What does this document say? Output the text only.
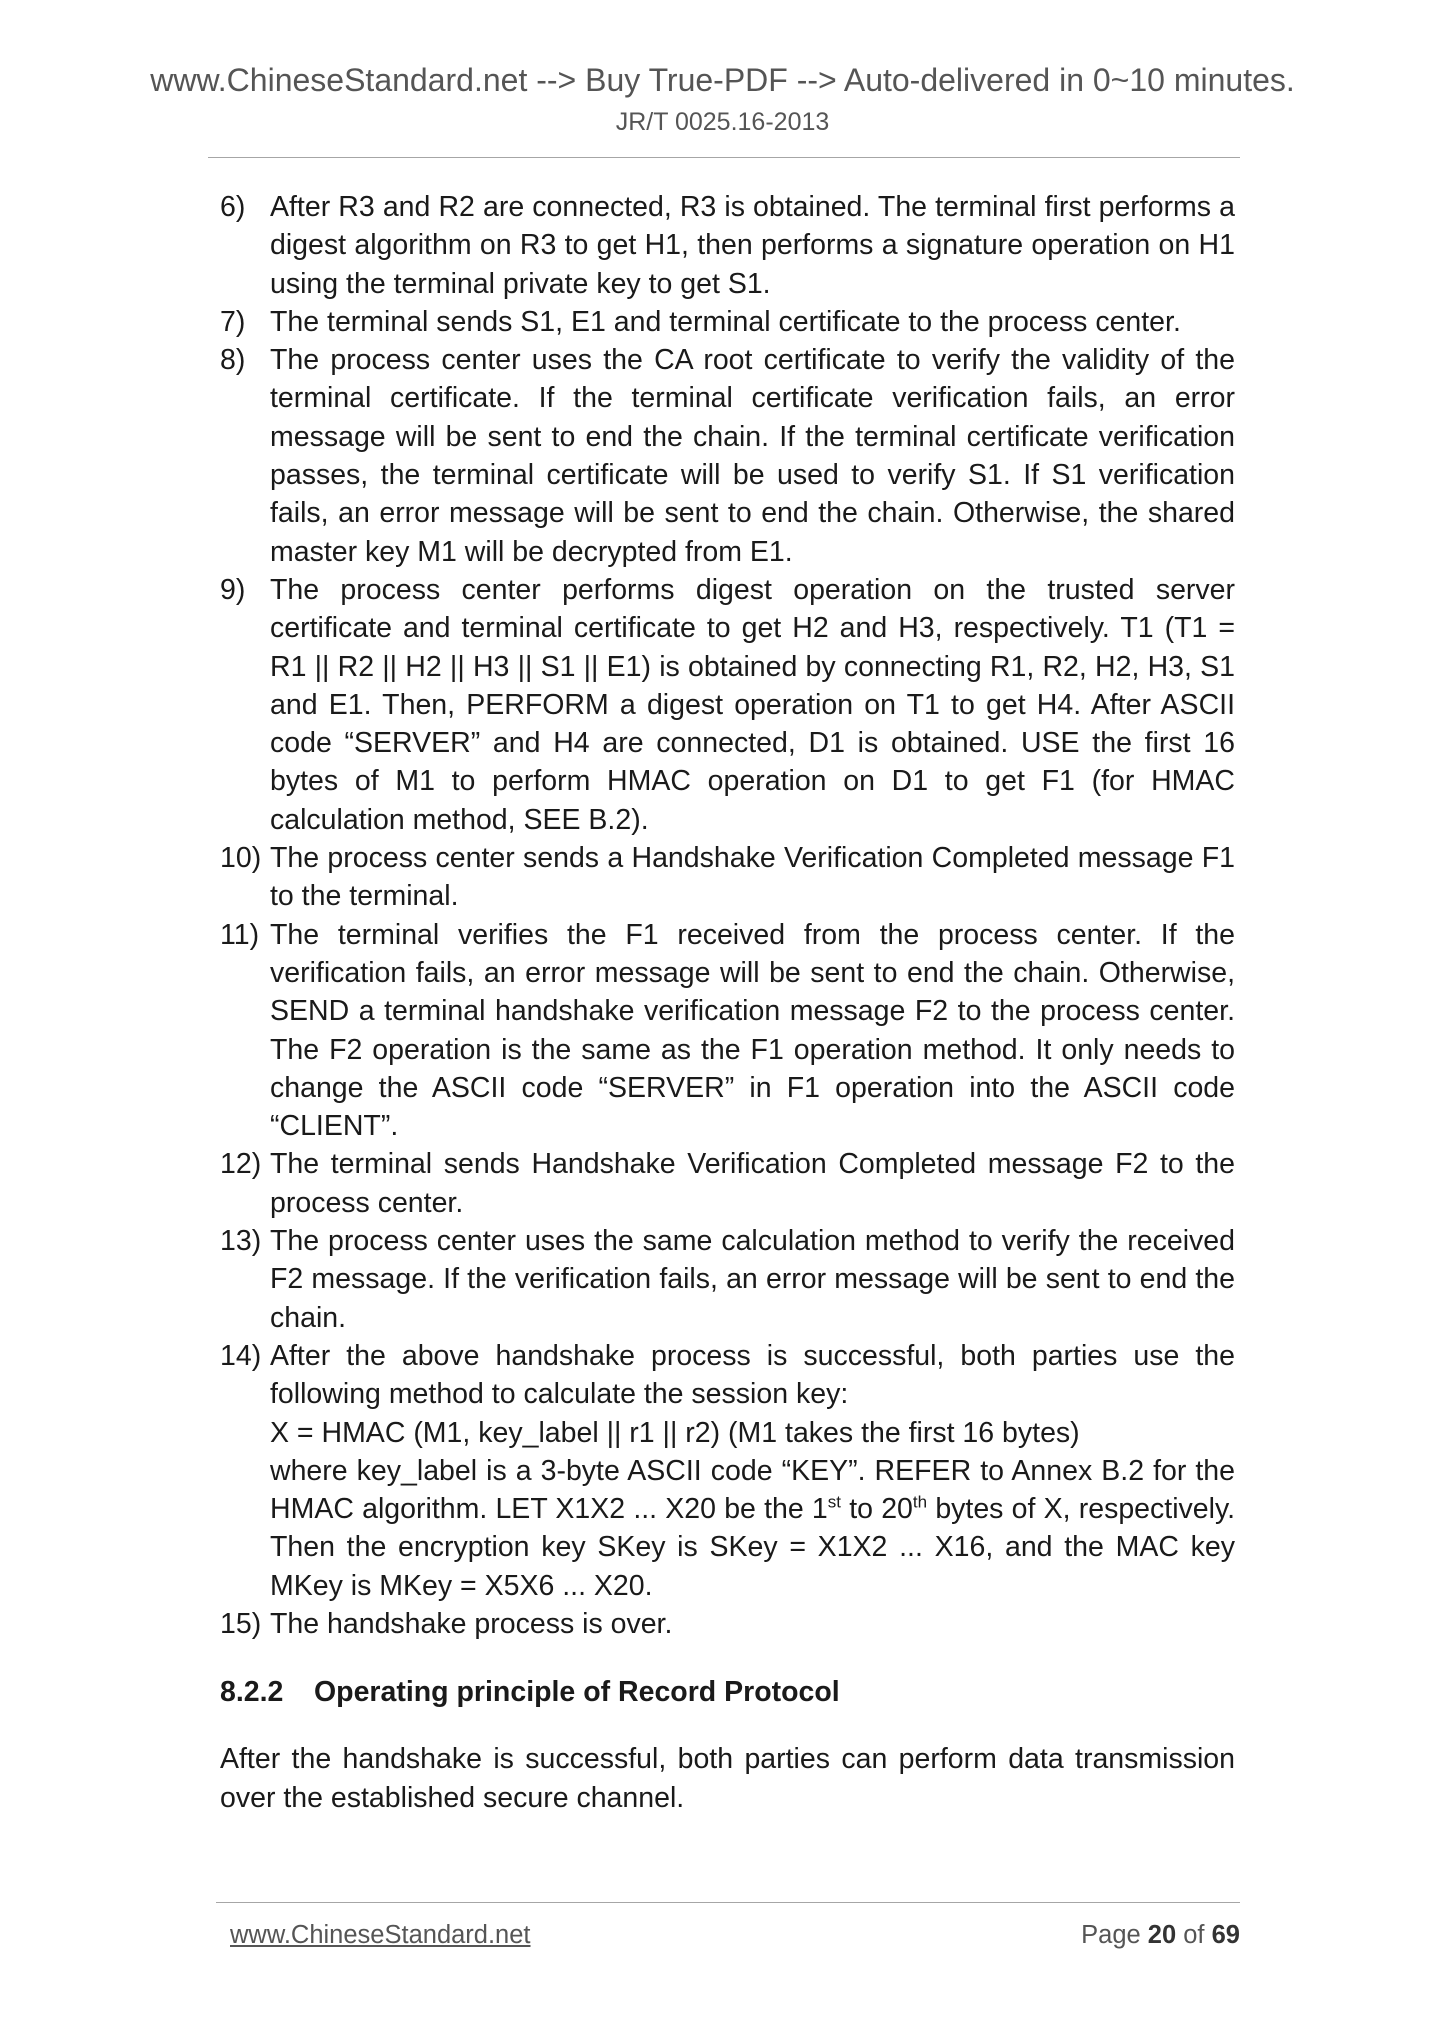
www.ChineseStandard.net --> Buy True-PDF --> Auto-delivered in 0~10 minutes.
JR/T 0025.16-2013
6) After R3 and R2 are connected, R3 is obtained. The terminal first performs a digest algorithm on R3 to get H1, then performs a signature operation on H1 using the terminal private key to get S1.
7) The terminal sends S1, E1 and terminal certificate to the process center.
8) The process center uses the CA root certificate to verify the validity of the terminal certificate. If the terminal certificate verification fails, an error message will be sent to end the chain. If the terminal certificate verification passes, the terminal certificate will be used to verify S1. If S1 verification fails, an error message will be sent to end the chain. Otherwise, the shared master key M1 will be decrypted from E1.
9) The process center performs digest operation on the trusted server certificate and terminal certificate to get H2 and H3, respectively. T1 (T1 = R1 || R2 || H2 || H3 || S1 || E1) is obtained by connecting R1, R2, H2, H3, S1 and E1. Then, PERFORM a digest operation on T1 to get H4. After ASCII code “SERVER” and H4 are connected, D1 is obtained. USE the first 16 bytes of M1 to perform HMAC operation on D1 to get F1 (for HMAC calculation method, SEE B.2).
10) The process center sends a Handshake Verification Completed message F1 to the terminal.
11) The terminal verifies the F1 received from the process center. If the verification fails, an error message will be sent to end the chain. Otherwise, SEND a terminal handshake verification message F2 to the process center. The F2 operation is the same as the F1 operation method. It only needs to change the ASCII code “SERVER” in F1 operation into the ASCII code “CLIENT”.
12) The terminal sends Handshake Verification Completed message F2 to the process center.
13) The process center uses the same calculation method to verify the received F2 message. If the verification fails, an error message will be sent to end the chain.
14) After the above handshake process is successful, both parties use the following method to calculate the session key:
X = HMAC (M1, key_label || r1 || r2) (M1 takes the first 16 bytes)
where key_label is a 3-byte ASCII code “KEY”. REFER to Annex B.2 for the HMAC algorithm. LET X1X2 ... X20 be the 1st to 20th bytes of X, respectively. Then the encryption key SKey is SKey = X1X2 ... X16, and the MAC key MKey is MKey = X5X6 ... X20.
15) The handshake process is over.
8.2.2	Operating principle of Record Protocol
After the handshake is successful, both parties can perform data transmission over the established secure channel.
www.ChineseStandard.net	Page 20 of 69
